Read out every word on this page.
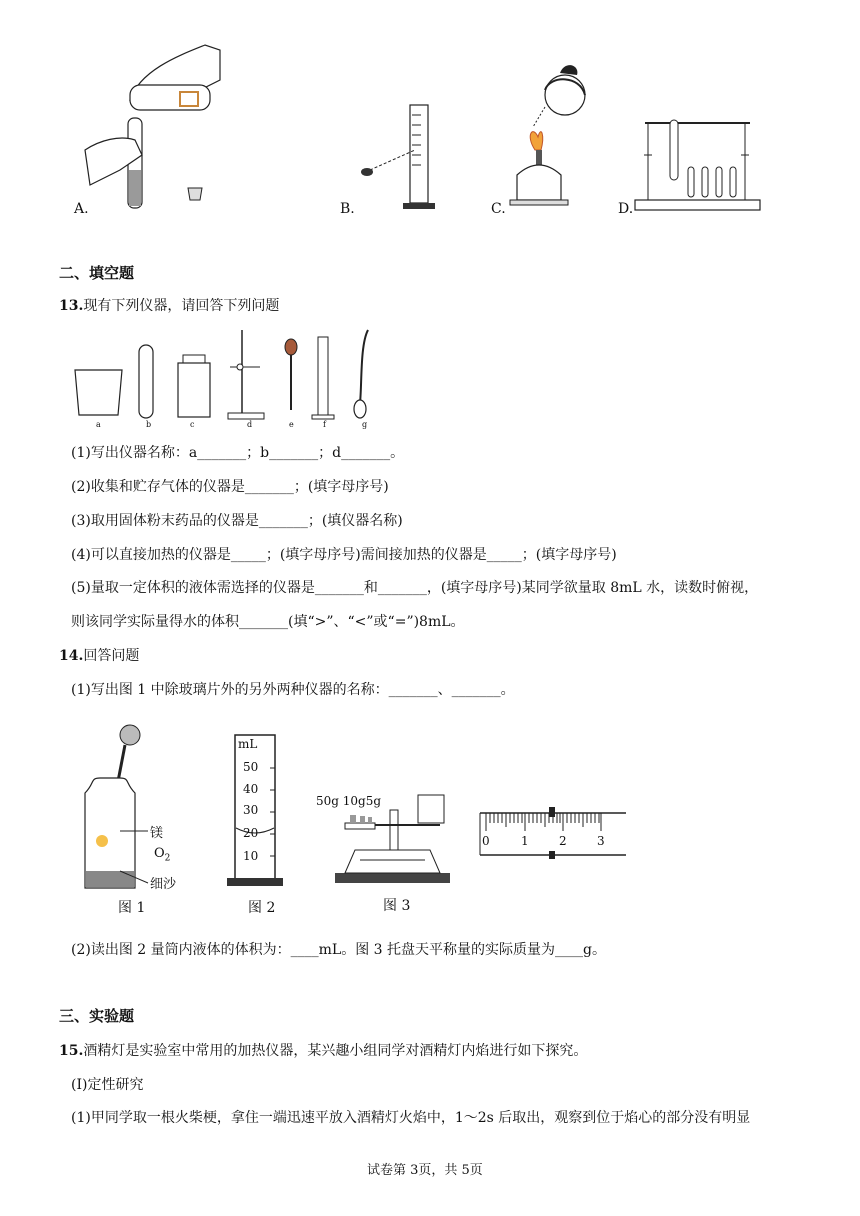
A.	B.	C.	D.
二、填空题
13.现有下列仪器，请回答下列问题
a	b	c	d	e	f	g
(1)写出仪器名称：a_______；b_______；d_______。
(2)收集和贮存气体的仪器是_______；(填字母序号)
(3)取用固体粉末药品的仪器是_______；(填仪器名称)
(4)可以直接加热的仪器是_____；(填字母序号)需间接加热的仪器是_____；(填字母序号)
(5)量取一定体积的液体需选择的仪器是_______和_______，(填字母序号)某同学欲量取 8mL 水，读数时俯视，
则该同学实际量得水的体积_______(填“>”、“<”或“=”)8mL。
14.回答问题
(1)写出图 1 中除玻璃片外的另外两种仪器的名称：_______、_______。
镁
$O_2$
细沙
图 1
mL
50
40
30
20
10
图 2
50g 10g5g
0	1	2	3
图 3
(2)读出图 2 量筒内液体的体积为：____mL。图 3 托盘天平称量的实际质量为____g。
三、实验题
15.酒精灯是实验室中常用的加热仪器，某兴趣小组同学对酒精灯内焰进行如下探究。
(Ⅰ)定性研究
(1)甲同学取一根火柴梗，拿住一端迅速平放入酒精灯火焰中，1～2s 后取出，观察到位于焰心的部分没有明显
试卷第 3页，共 5页
